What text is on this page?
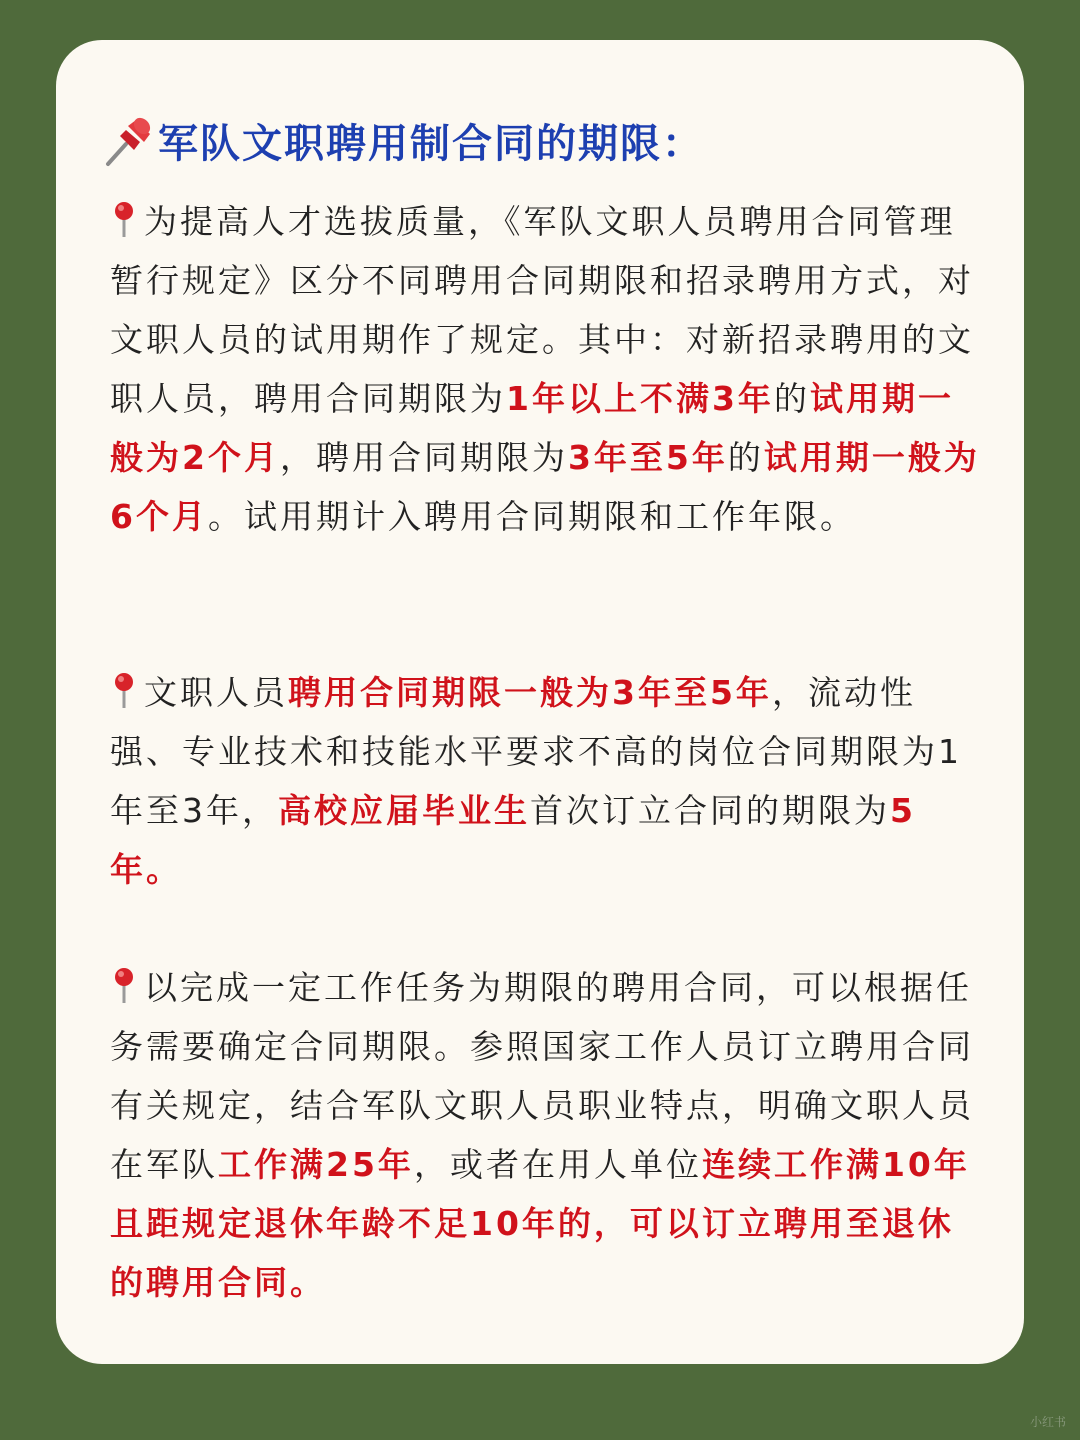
军队文职聘用制合同的期限：
为提高人才选拔质量，《军队文职人员聘用合同管理暂行规定》区分不同聘用合同期限和招录聘用方式，对文职人员的试用期作了规定。其中：对新招录聘用的文职人员，聘用合同期限为1年以上不满3年的试用期一般为2个月，聘用合同期限为3年至5年的试用期一般为6个月。试用期计入聘用合同期限和工作年限。
文职人员聘用合同期限一般为3年至5年，流动性强、专业技术和技能水平要求不高的岗位合同期限为1年至3年，高校应届毕业生首次订立合同的期限为5年。
以完成一定工作任务为期限的聘用合同，可以根据任务需要确定合同期限。参照国家工作人员订立聘用合同有关规定，结合军队文职人员职业特点，明确文职人员在军队工作满25年，或者在用人单位连续工作满10年且距规定退休年龄不足10年的，可以订立聘用至退休的聘用合同。
小红书
